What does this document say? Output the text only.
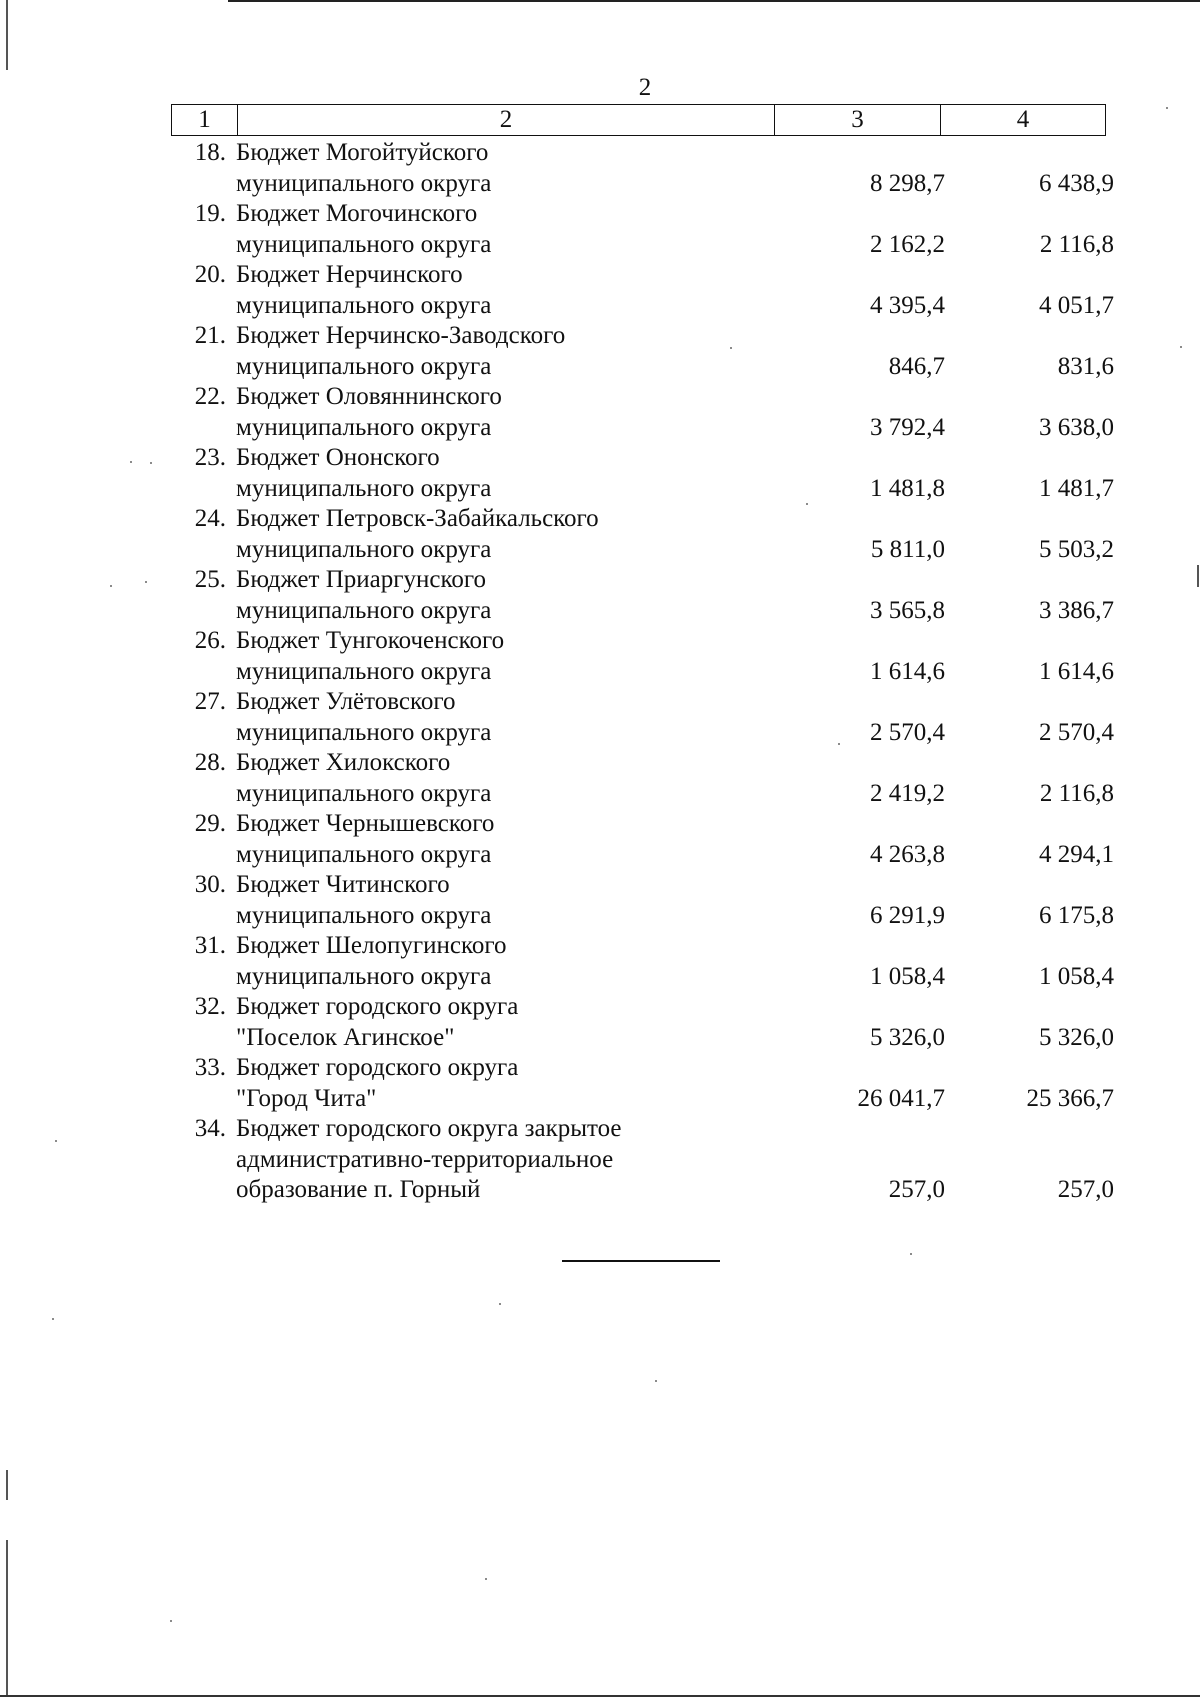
2
1	2	3	4
18. Бюджет Могойтуйского
муниципального округа	8 298,7	6 438,9
19. Бюджет Могочинского
муниципального округа	2 162,2	2 116,8
20. Бюджет Нерчинского
муниципального округа	4 395,4	4 051,7
21. Бюджет Нерчинско-Заводского
муниципального округа	846,7	831,6
22. Бюджет Оловяннинского
муниципального округа	3 792,4	3 638,0
23. Бюджет Ононского
муниципального округа	1 481,8	1 481,7
24. Бюджет Петровск-Забайкальского
муниципального округа	5 811,0	5 503,2
25. Бюджет Приаргунского
муниципального округа	3 565,8	3 386,7
26. Бюджет Тунгокоченского
муниципального округа	1 614,6	1 614,6
27. Бюджет Улётовского
муниципального округа	2 570,4	2 570,4
28. Бюджет Хилокского
муниципального округа	2 419,2	2 116,8
29. Бюджет Чернышевского
муниципального округа	4 263,8	4 294,1
30. Бюджет Читинского
муниципального округа	6 291,9	6 175,8
31. Бюджет Шелопугинского
муниципального округа	1 058,4	1 058,4
32. Бюджет городского округа
"Поселок Агинское"	5 326,0	5 326,0
33. Бюджет городского округа
"Город Чита"	26 041,7	25 366,7
34. Бюджет городского округа закрытое
административно-территориальное
образование п. Горный	257,0	257,0
